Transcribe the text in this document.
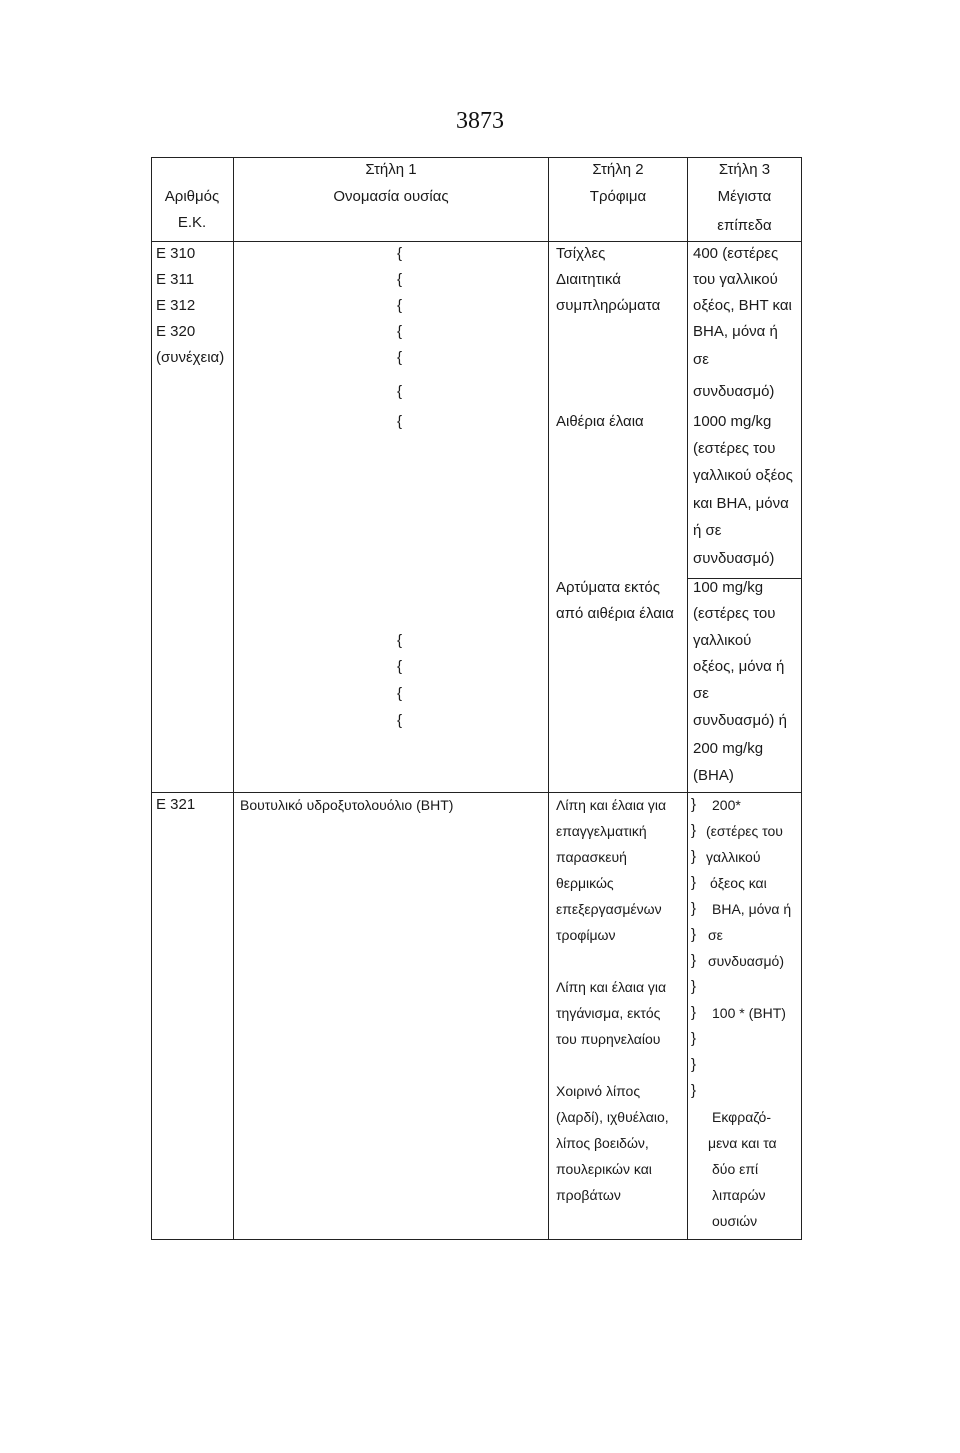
3873
Αριθμός
Ε.Κ.
Στήλη 1
Ονομασία ουσίας
Στήλη 2
Τρόφιμα
Στήλη 3
Μέγιστα
επίπεδα
Ε 310
Ε 311
Ε 312
Ε 320
(συνέχεια)
{
{
{
{
{
{
{
{
{
{
{
Τσίχλες
Διαιτητικά
συμπληρώματα
Αιθέρια έλαια
Αρτύματα εκτός
από αιθέρια έλαια
400 (εστέρες
του γαλλικού
οξέος, ΒΗΤ και
ΒΗΑ, μόνα ή
σε
συνδυασμό)
1000 mg/kg
(εστέρες του
γαλλικού οξέος
και ΒΗΑ, μόνα
ή σε
συνδυασμό)
100 mg/kg
(εστέρες του
γαλλικού
οξέος, μόνα ή
σε
συνδυασμό) ή
200 mg/kg
(ΒΗΑ)
Ε 321	Βουτυλικό υδροξυτολουόλιο (ΒΗΤ)	Λίπη και έλαια για
επαγγελματική
παρασκευή
θερμικώς
επεξεργασμένων
τροφίμων
Λίπη και έλαια για
τηγάνισμα, εκτός
του πυρηνελαίου
Χοιρινό λίπος
(λαρδί), ιχθυέλαιο,
λίπος βοειδών,
πουλερικών και
προβάτων
}
}
}
}
}
}
}
}
}
}
}
}
200*
(εστέρες του
γαλλικού
όξεος και
ΒΗΑ, μόνα ή
σε
συνδυασμό)
100 * (ΒΗΤ)
Εκφραζό-
μενα και τα
δύο επί
λιπαρών
ουσιών
